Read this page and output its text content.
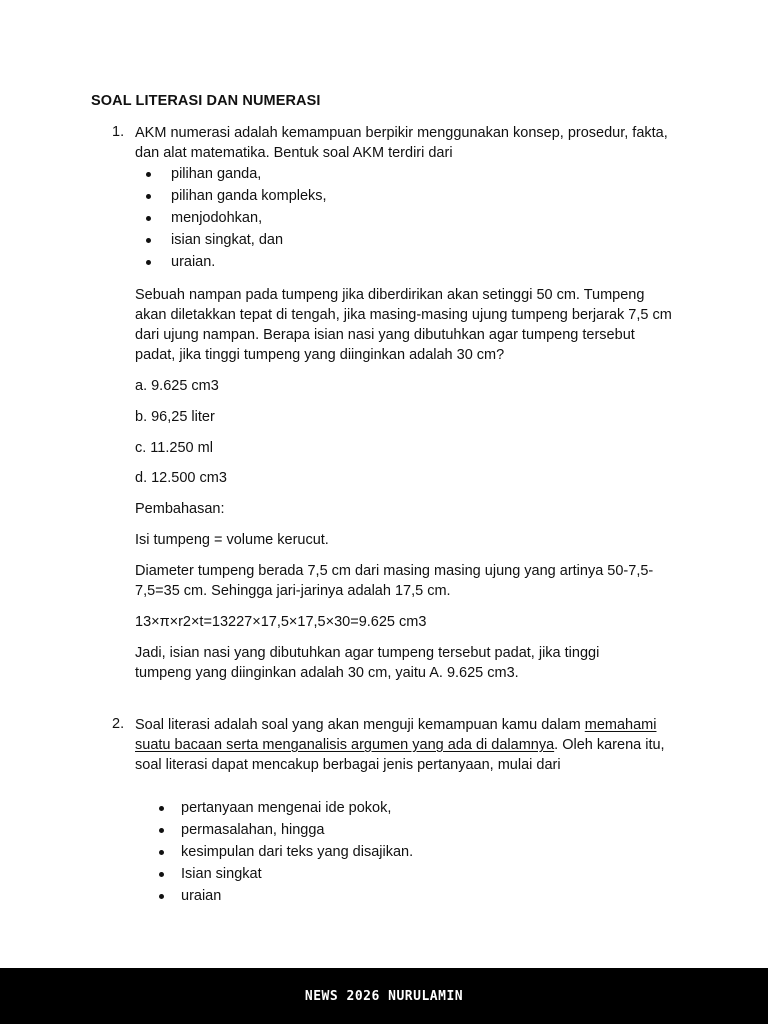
SOAL LITERASI DAN NUMERASI
1. AKM numerasi adalah kemampuan berpikir menggunakan konsep, prosedur, fakta, dan alat matematika. Bentuk soal AKM terdiri dari

pilihan ganda,
pilihan ganda kompleks,
menjodohkan,
isian singkat, dan
uraian.

Sebuah nampan pada tumpeng jika diberdirikan akan setinggi 50 cm. Tumpeng akan diletakkan tepat di tengah, jika masing-masing ujung tumpeng berjarak 7,5 cm dari ujung nampan. Berapa isian nasi yang dibutuhkan agar tumpeng tersebut padat, jika tinggi tumpeng yang diinginkan adalah 30 cm?

a. 9.625 cm3

b. 96,25 liter

c. 11.250 ml

d. 12.500 cm3

Pembahasan:

Isi tumpeng = volume kerucut.

Diameter tumpeng berada 7,5 cm dari masing masing ujung yang artinya 50-7,5-7,5=35 cm. Sehingga jari-jarinya adalah 17,5 cm.

13×π×r2×t=13227×17,5×17,5×30=9.625 cm3

Jadi, isian nasi yang dibutuhkan agar tumpeng tersebut padat, jika tinggi tumpeng yang diinginkan adalah 30 cm, yaitu A. 9.625 cm3.

2. Soal literasi adalah soal yang akan menguji kemampuan kamu dalam memahami suatu bacaan serta menganalisis argumen yang ada di dalamnya. Oleh karena itu, soal literasi dapat mencakup berbagai jenis pertanyaan, mulai dari

pertanyaan mengenai ide pokok,
permasalahan, hingga
kesimpulan dari teks yang disajikan.
Isian singkat
uraian
NEWS 2026 NURULAMIN
